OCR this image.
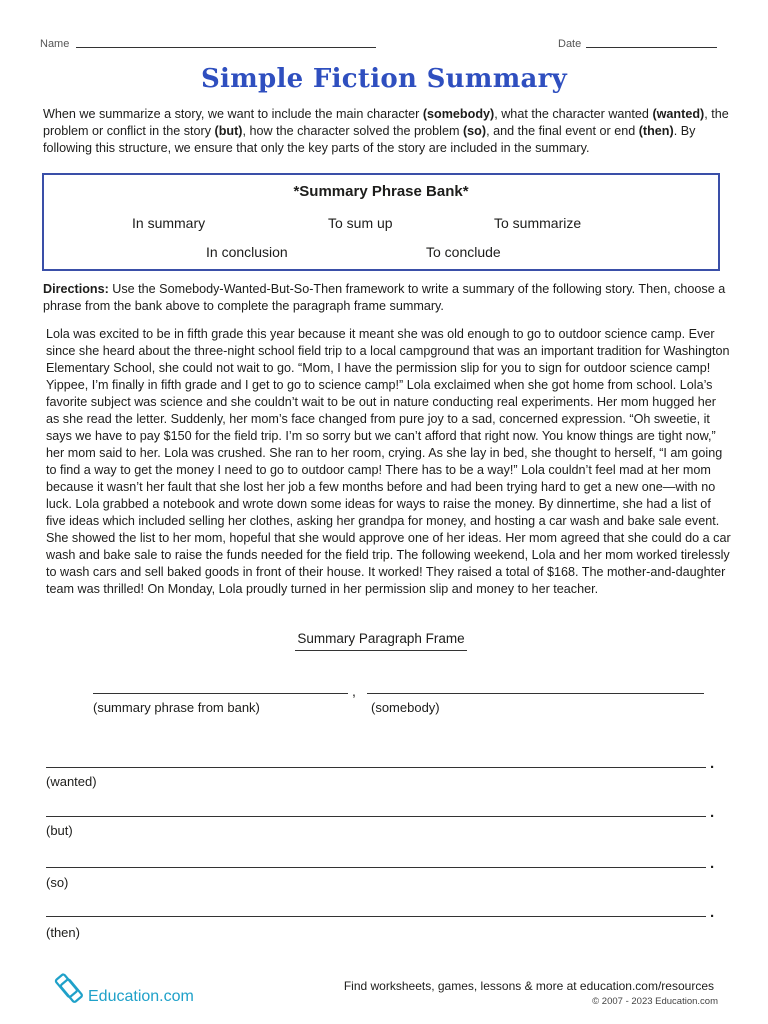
Name	Date
Simple Fiction Summary
When we summarize a story, we want to include the main character (somebody), what the character wanted (wanted), the problem or conflict in the story (but), how the character solved the problem (so), and the final event or end (then). By following this structure, we ensure that only the key parts of the story are included in the summary.
*Summary Phrase Bank*
In summary	To sum up	To summarize
In conclusion	To conclude
Directions: Use the Somebody-Wanted-But-So-Then framework to write a summary of the following story. Then, choose a phrase from the bank above to complete the paragraph frame summary.
Lola was excited to be in fifth grade this year because it meant she was old enough to go to outdoor science camp. Ever since she heard about the three-night school field trip to a local campground that was an important tradition for Washington Elementary School, she could not wait to go. “Mom, I have the permission slip for you to sign for outdoor science camp! Yippee, I’m finally in fifth grade and I get to go to science camp!” Lola exclaimed when she got home from school. Lola’s favorite subject was science and she couldn’t wait to be out in nature conducting real experiments. Her mom hugged her as she read the letter. Suddenly, her mom’s face changed from pure joy to a sad, concerned expression. “Oh sweetie, it says we have to pay $150 for the field trip. I’m so sorry but we can’t afford that right now. You know things are tight now,” her mom said to her. Lola was crushed. She ran to her room, crying. As she lay in bed, she thought to herself, “I am going to find a way to get the money I need to go to outdoor camp! There has to be a way!” Lola couldn’t feel mad at her mom because it wasn’t her fault that she lost her job a few months before and had been trying hard to get a new one—with no luck. Lola grabbed a notebook and wrote down some ideas for ways to raise the money. By dinnertime, she had a list of five ideas which included selling her clothes, asking her grandpa for money, and hosting a car wash and bake sale event. She showed the list to her mom, hopeful that she would approve one of her ideas. Her mom agreed that she could do a car wash and bake sale to raise the funds needed for the field trip. The following weekend, Lola and her mom worked tirelessly to wash cars and sell baked goods in front of their house. It worked! They raised a total of $168. The mother-and-daughter team was thrilled! On Monday, Lola proudly turned in her permission slip and money to her teacher.
Summary Paragraph Frame
,
(summary phrase from bank)	(somebody)
.
(wanted)
.
(but)
.
(so)
.
(then)
Education.com
Find worksheets, games, lessons & more at education.com/resources
© 2007 - 2023 Education.com
